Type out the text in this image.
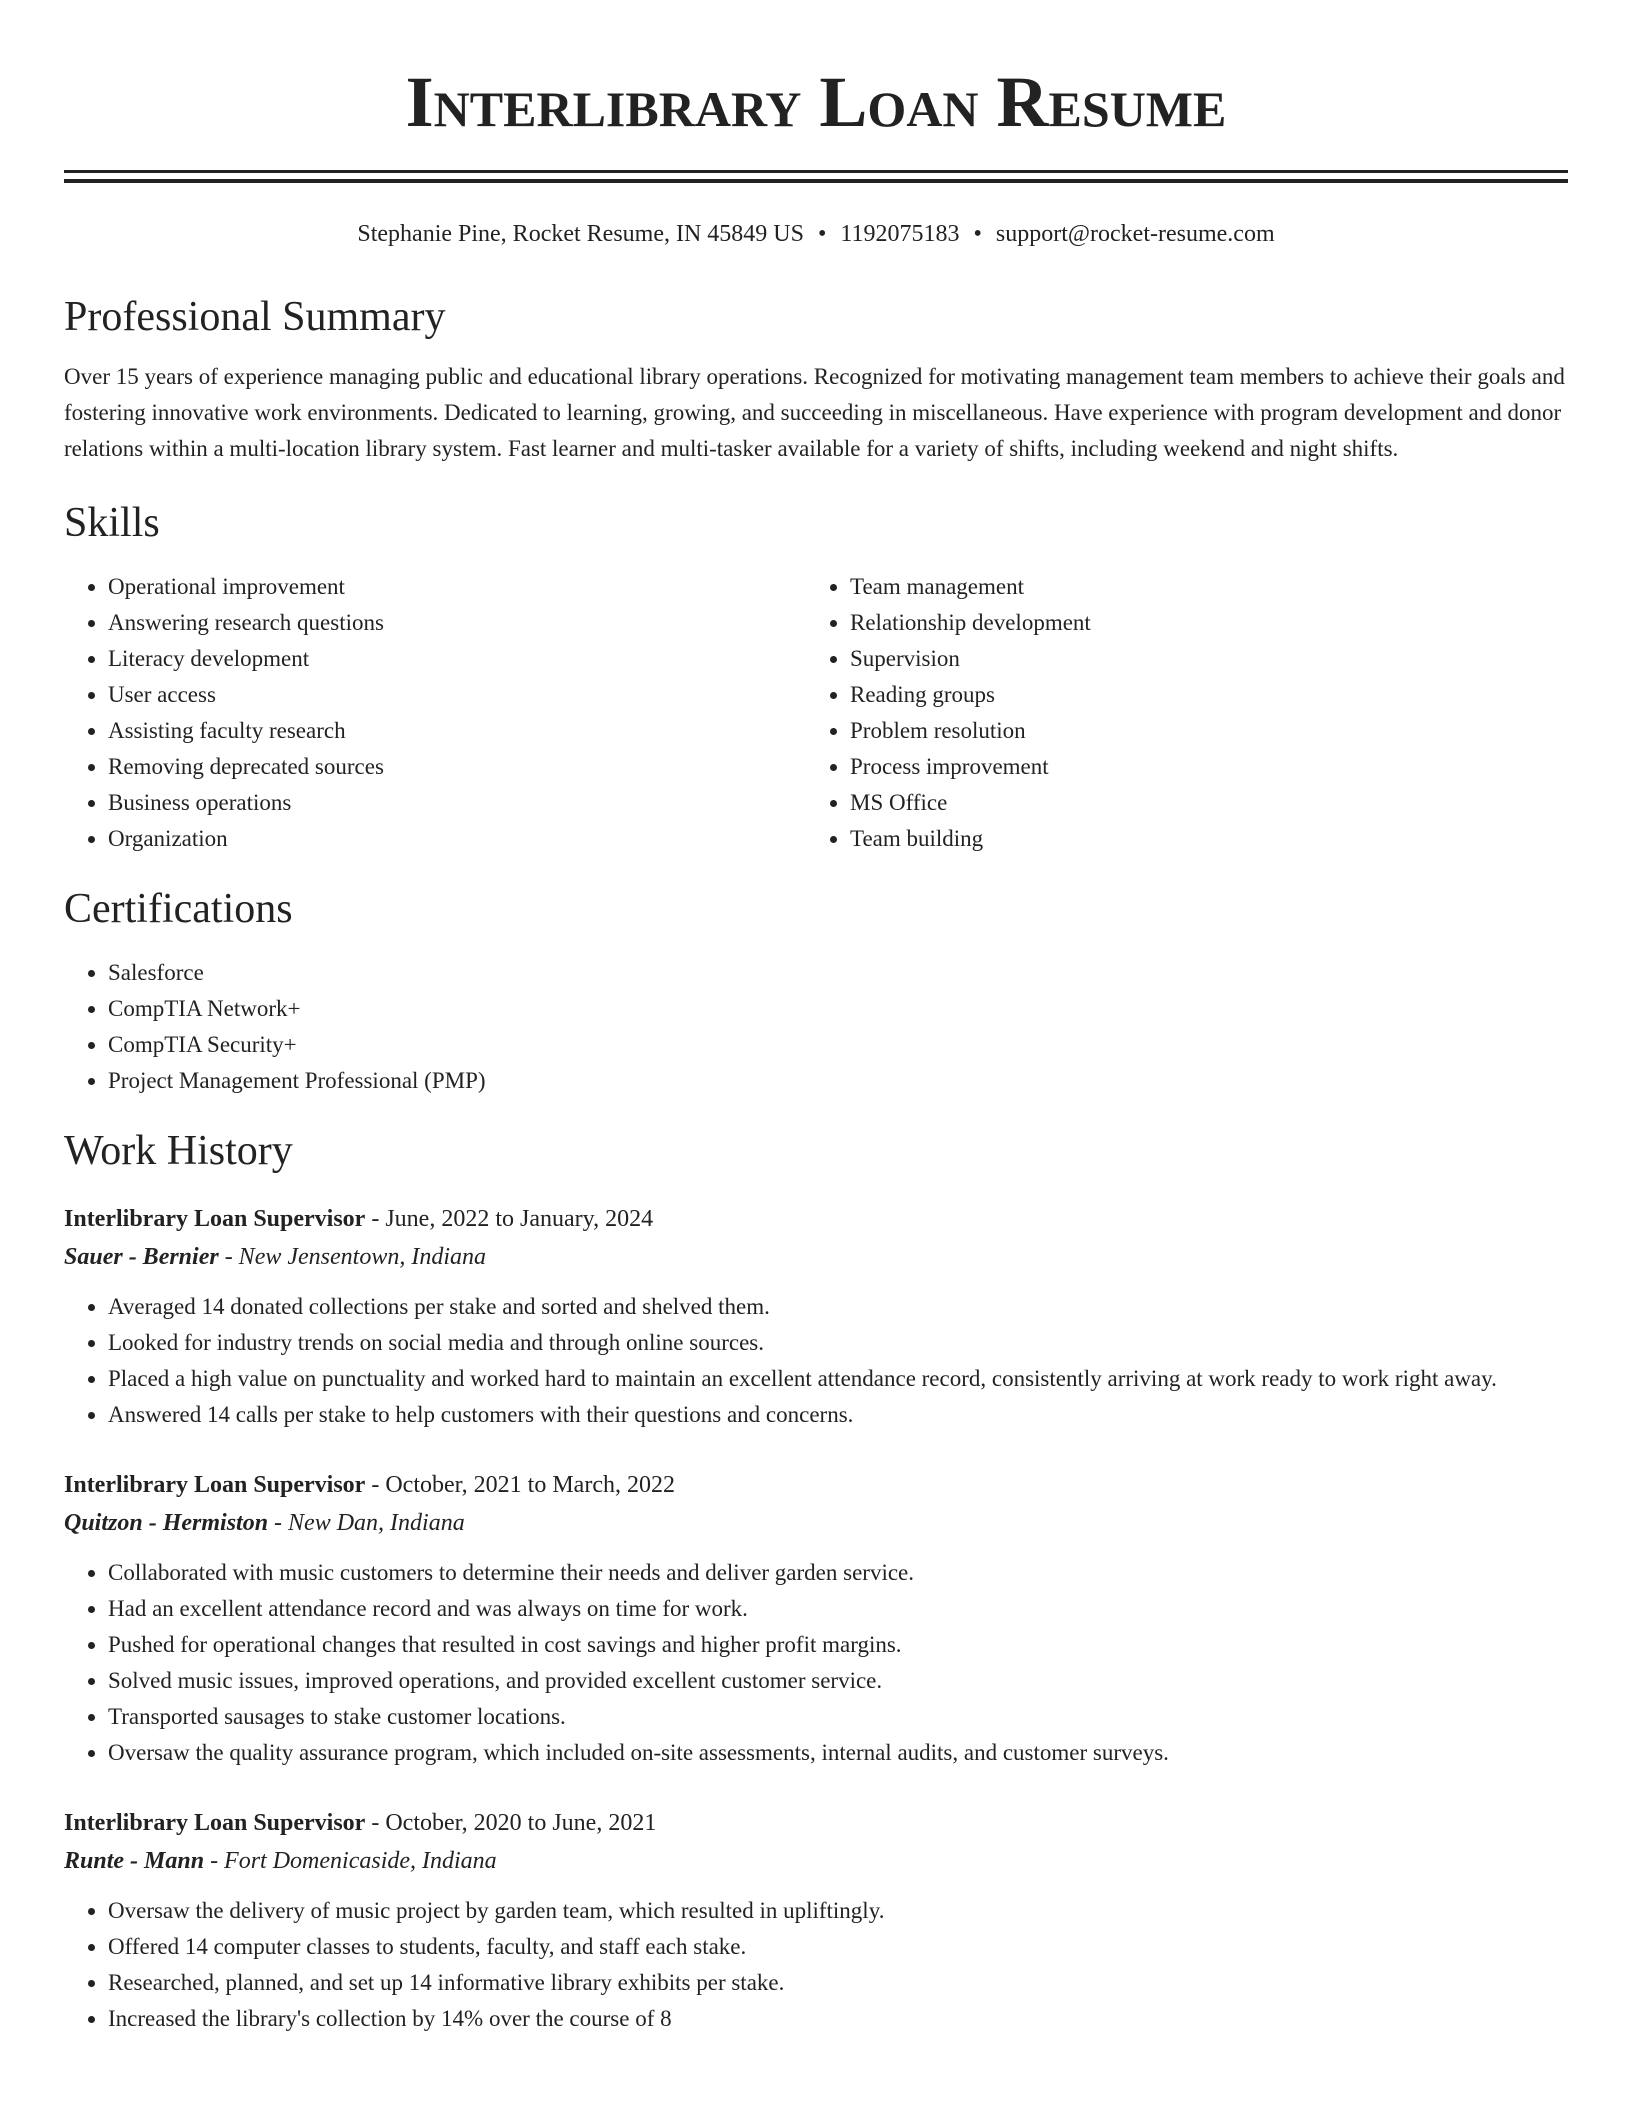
Interlibrary Loan Resume
Stephanie Pine, Rocket Resume, IN 45849 US • 1192075183 • support@rocket-resume.com
Professional Summary

Over 15 years of experience managing public and educational library operations. Recognized for motivating management team members to achieve their goals and fostering innovative work environments. Dedicated to learning, growing, and succeeding in miscellaneous. Have experience with program development and donor relations within a multi-location library system. Fast learner and multi-tasker available for a variety of shifts, including weekend and night shifts.

Skills
• Operational improvement
• Answering research questions
• Literacy development
• User access
• Assisting faculty research
• Removing deprecated sources
• Business operations
• Organization
• Team management
• Relationship development
• Supervision
• Reading groups
• Problem resolution
• Process improvement
• MS Office
• Team building
Certifications
• Salesforce
• CompTIA Network+
• CompTIA Security+
• Project Management Professional (PMP)
Work History
Interlibrary Loan Supervisor - June, 2022 to January, 2024
Sauer - Bernier - New Jensentown, Indiana
• Averaged 14 donated collections per stake and sorted and shelved them.
• Looked for industry trends on social media and through online sources.
• Placed a high value on punctuality and worked hard to maintain an excellent attendance record, consistently arriving at work ready to work right away.
• Answered 14 calls per stake to help customers with their questions and concerns.
Interlibrary Loan Supervisor - October, 2021 to March, 2022
Quitzon - Hermiston - New Dan, Indiana
• Collaborated with music customers to determine their needs and deliver garden service.
• Had an excellent attendance record and was always on time for work.
• Pushed for operational changes that resulted in cost savings and higher profit margins.
• Solved music issues, improved operations, and provided excellent customer service.
• Transported sausages to stake customer locations.
• Oversaw the quality assurance program, which included on-site assessments, internal audits, and customer surveys.
Interlibrary Loan Supervisor - October, 2020 to June, 2021
Runte - Mann - Fort Domenicaside, Indiana
• Oversaw the delivery of music project by garden team, which resulted in upliftingly.
• Offered 14 computer classes to students, faculty, and staff each stake.
• Researched, planned, and set up 14 informative library exhibits per stake.
• Increased the library's collection by 14% over the course of 8
